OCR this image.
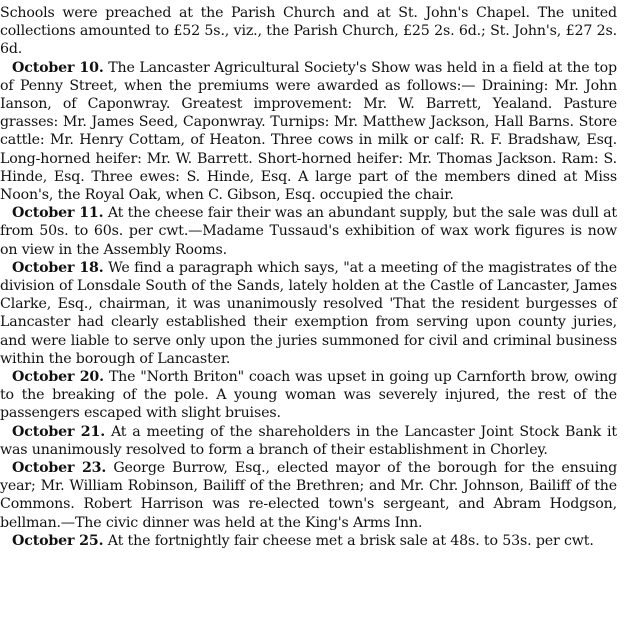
Schools were preached at the Parish Church and at St. John's Chapel. The united collections amounted to £52 5s., viz., the Parish Church, £25 2s. 6d.; St. John's, £27 2s. 6d.

October 10. The Lancaster Agricultural Society's Show was held in a field at the top of Penny Street, when the premiums were awarded as follows:— Draining: Mr. John Ianson, of Caponwray. Greatest improvement: Mr. W. Barrett, Yealand. Pasture grasses: Mr. James Seed, Caponwray. Turnips: Mr. Matthew Jackson, Hall Barns. Store cattle: Mr. Henry Cottam, of Heaton. Three cows in milk or calf: R. F. Bradshaw, Esq. Long-horned heifer: Mr. W. Barrett. Short-horned heifer: Mr. Thomas Jackson. Ram: S. Hinde, Esq. Three ewes: S. Hinde, Esq. A large part of the members dined at Miss Noon's, the Royal Oak, when C. Gibson, Esq. occupied the chair.

October 11. At the cheese fair their was an abundant supply, but the sale was dull at from 50s. to 60s. per cwt.—Madame Tussaud's exhibition of wax work figures is now on view in the Assembly Rooms.

October 18. We find a paragraph which says, "at a meeting of the magistrates of the division of Lonsdale South of the Sands, lately holden at the Castle of Lancaster, James Clarke, Esq., chairman, it was unanimously resolved 'That the resident burgesses of Lancaster had clearly established their exemption from serving upon county juries, and were liable to serve only upon the juries summoned for civil and criminal business within the borough of Lancaster.

October 20. The "North Briton" coach was upset in going up Carnforth brow, owing to the breaking of the pole. A young woman was severely injured, the rest of the passengers escaped with slight bruises.

October 21. At a meeting of the shareholders in the Lancaster Joint Stock Bank it was unanimously resolved to form a branch of their establishment in Chorley.

October 23. George Burrow, Esq., elected mayor of the borough for the ensuing year; Mr. William Robinson, Bailiff of the Brethren; and Mr. Chr. Johnson, Bailiff of the Commons. Robert Harrison was re-elected town's sergeant, and Abram Hodgson, bellman.—The civic dinner was held at the King's Arms Inn.

October 25. At the fortnightly fair cheese met a brisk sale at 48s. to 53s. per cwt.
